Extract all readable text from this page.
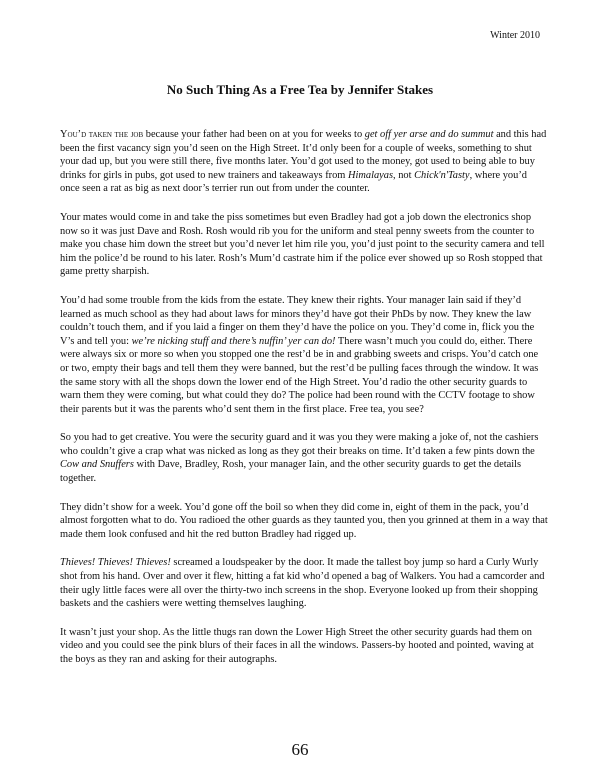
Winter 2010

No Such Thing As a Free Tea by Jennifer Stakes

You’d taken the job because your father had been on at you for weeks to get off yer arse and do summut and this had been the first vacancy sign you’d seen on the High Street. It’d only been for a couple of weeks, something to shut your dad up, but you were still there, five months later. You’d got used to the money, got used to being able to buy drinks for girls in pubs, got used to new trainers and takeaways from Himalayas, not Chick'n'Tasty, where you’d once seen a rat as big as next door’s terrier run out from under the counter.

Your mates would come in and take the piss sometimes but even Bradley had got a job down the electronics shop now so it was just Dave and Rosh. Rosh would rib you for the uniform and steal penny sweets from the counter to make you chase him down the street but you’d never let him rile you, you’d just point to the security camera and tell him the police’d be round to his later. Rosh’s Mum’d castrate him if the police ever showed up so Rosh stopped that game pretty sharpish.

You’d had some trouble from the kids from the estate. They knew their rights. Your manager Iain said if they’d learned as much school as they had about laws for minors they’d have got their PhDs by now. They knew the law couldn’t touch them, and if you laid a finger on them they’d have the police on you. They’d come in, flick you the V’s and tell you: we’re nicking stuff and there’s nuffin’ yer can do! There wasn’t much you could do, either. There were always six or more so when you stopped one the rest’d be in and grabbing sweets and crisps. You’d catch one or two, empty their bags and tell them they were banned, but the rest’d be pulling faces through the window. It was the same story with all the shops down the lower end of the High Street. You’d radio the other security guards to warn them they were coming, but what could they do? The police had been round with the CCTV footage to show their parents but it was the parents who’d sent them in the first place. Free tea, you see?

So you had to get creative. You were the security guard and it was you they were making a joke of, not the cashiers who couldn’t give a crap what was nicked as long as they got their breaks on time. It’d taken a few pints down the Cow and Snuffers with Dave, Bradley, Rosh, your manager Iain, and the other security guards to get the details together.

They didn’t show for a week. You’d gone off the boil so when they did come in, eight of them in the pack, you’d almost forgotten what to do. You radioed the other guards as they taunted you, then you grinned at them in a way that made them look confused and hit the red button Bradley had rigged up.

Thieves! Thieves! Thieves! screamed a loudspeaker by the door. It made the tallest boy jump so hard a Curly Wurly shot from his hand. Over and over it flew, hitting a fat kid who’d opened a bag of Walkers. You had a camcorder and their ugly little faces were all over the thirty-two inch screens in the shop. Everyone looked up from their shopping baskets and the cashiers were wetting themselves laughing.

It wasn’t just your shop. As the little thugs ran down the Lower High Street the other security guards had them on video and you could see the pink blurs of their faces in all the windows. Passers-by hooted and pointed, waving at the boys as they ran and asking for their autographs.

66
